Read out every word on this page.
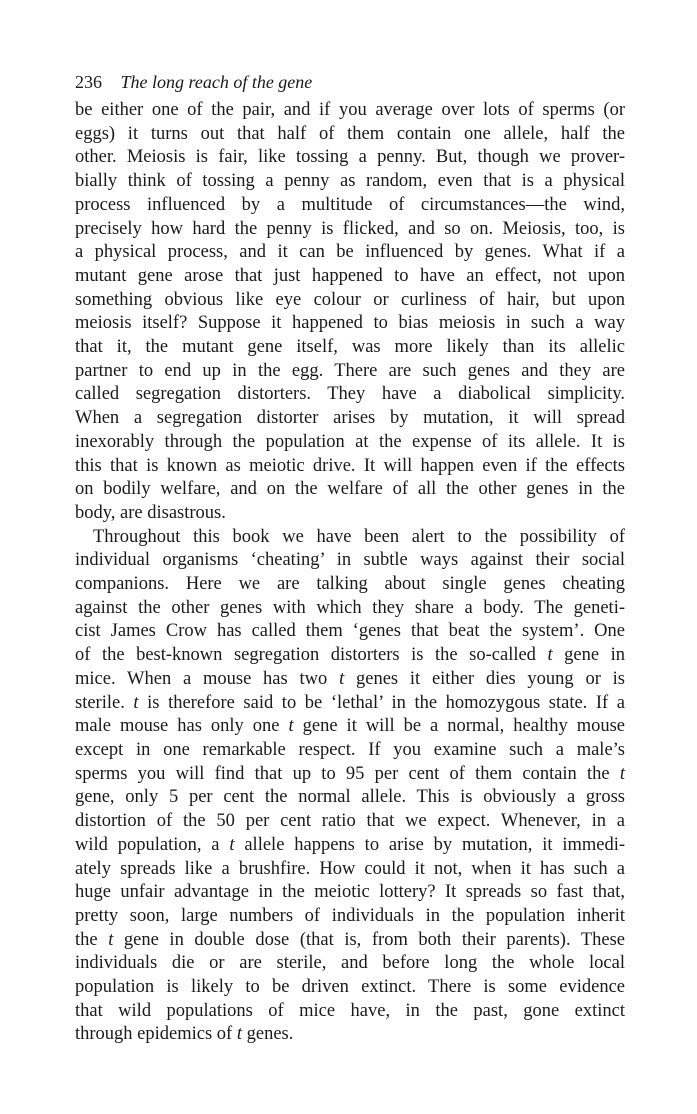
236 The long reach of the gene

be either one of the pair, and if you average over lots of sperms (or
eggs) it turns out that half of them contain one allele, half the
other. Meiosis is fair, like tossing a penny. But, though we prover-
bially think of tossing a penny as random, even that is a physical
process influenced by a multitude of circumstances—the wind,
precisely how hard the penny is flicked, and so on. Meiosis, too, is
a physical process, and it can be influenced by genes. What if a
mutant gene arose that just happened to have an effect, not upon
something obvious like eye colour or curliness of hair, but upon
meiosis itself? Suppose it happened to bias meiosis in such a way
that it, the mutant gene itself, was more likely than its allelic
partner to end up in the egg. There are such genes and they are
called segregation distorters. They have a diabolical simplicity.
When a segregation distorter arises by mutation, it will spread
inexorably through the population at the expense of its allele. It is
this that is known as meiotic drive. It will happen even if the effects
on bodily welfare, and on the welfare of all the other genes in the
body, are disastrous.

Throughout this book we have been alert to the possibility of
individual organisms ‘cheating’ in subtle ways against their social
companions. Here we are talking about single genes cheating
against the other genes with which they share a body. The geneti-
cist James Crow has called them ‘genes that beat the system’. One
of the best-known segregation distorters is the so-called t gene in
mice. When a mouse has two t genes it either dies young or is
sterile. t is therefore said to be ‘lethal’ in the homozygous state. If a
male mouse has only one t gene it will be a normal, healthy mouse
except in one remarkable respect. If you examine such a male’s
sperms you will find that up to 95 per cent of them contain the t
gene, only 5 per cent the normal allele. This is obviously a gross
distortion of the 50 per cent ratio that we expect. Whenever, in a
wild population, a t allele happens to arise by mutation, it immedi-
ately spreads like a brushfire. How could it not, when it has such a
huge unfair advantage in the meiotic lottery? It spreads so fast that,
pretty soon, large numbers of individuals in the population inherit
the t gene in double dose (that is, from both their parents). These
individuals die or are sterile, and before long the whole local
population is likely to be driven extinct. There is some evidence
that wild populations of mice have, in the past, gone extinct
through epidemics of t genes.
